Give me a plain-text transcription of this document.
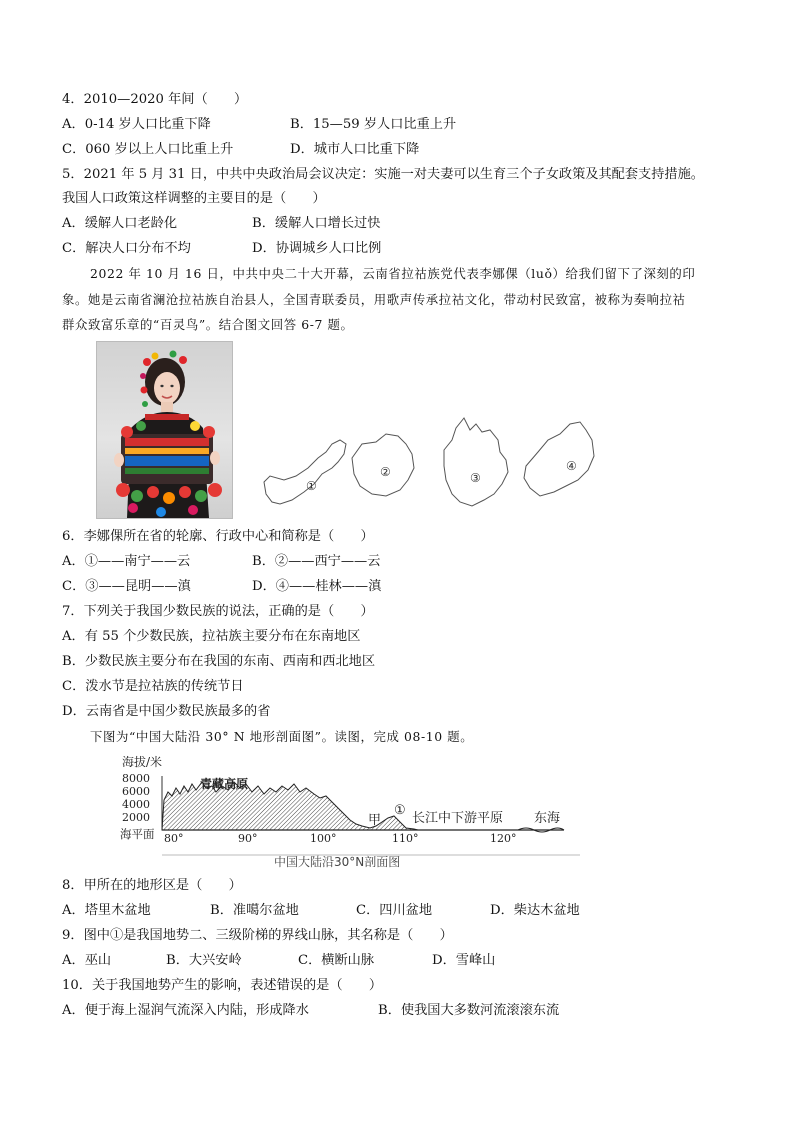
4．2010—2020 年间（　　）
A．0-14 岁人口比重下降	B．15—59 岁人口比重上升
C．060 岁以上人口比重上升	D．城市人口比重下降
5．2021 年 5 月 31 日，中共中央政治局会议决定：实施一对夫妻可以生育三个子女政策及其配套支持措施。
我国人口政策这样调整的主要目的是（　　）
A．缓解人口老龄化	B．缓解人口增长过快
C．解决人口分布不均	D．协调城乡人口比例
2022 年 10 月 16 日，中共中央二十大开幕，云南省拉祜族党代表李娜倮（luǒ）给我们留下了深刻的印
象。她是云南省澜沧拉祜族自治县人，全国青联委员，用歌声传承拉祜文化，带动村民致富，被称为奏响拉祜
群众致富乐章的“百灵鸟”。结合图文回答 6-7 题。
①
②	③
④
6．李娜倮所在省的轮廓、行政中心和简称是（　　）
A．①——南宁——云	B．②——西宁——云
C．③——昆明——滇	D．④——桂林——滇
7．下列关于我国少数民族的说法，正确的是（　　）
A．有 55 个少数民族，拉祜族主要分布在东南地区
B．少数民族主要分布在我国的东南、西南和西北地区
C．泼水节是拉祜族的传统节日
D．云南省是中国少数民族最多的省
下图为“中国大陆沿 30° N 地形剖面图”。读图，完成 08-10 题。
海拔/米
8000
6000
4000
2000
海平面
青藏高原
甲
①
长江中下游平原 东海
80°	90°	100°	110°	120°
中国大陆沿30°N剖面图
8．甲所在的地形区是（　　）
A．塔里木盆地	B．准噶尔盆地	C．四川盆地	D．柴达木盆地
9．图中①是我国地势二、三级阶梯的界线山脉，其名称是（　　）
A．巫山	B．大兴安岭	C．横断山脉	D．雪峰山
10．关于我国地势产生的影响，表述错误的是（　　）
A．便于海上湿润气流深入内陆，形成降水	B．使我国大多数河流滚滚东流
